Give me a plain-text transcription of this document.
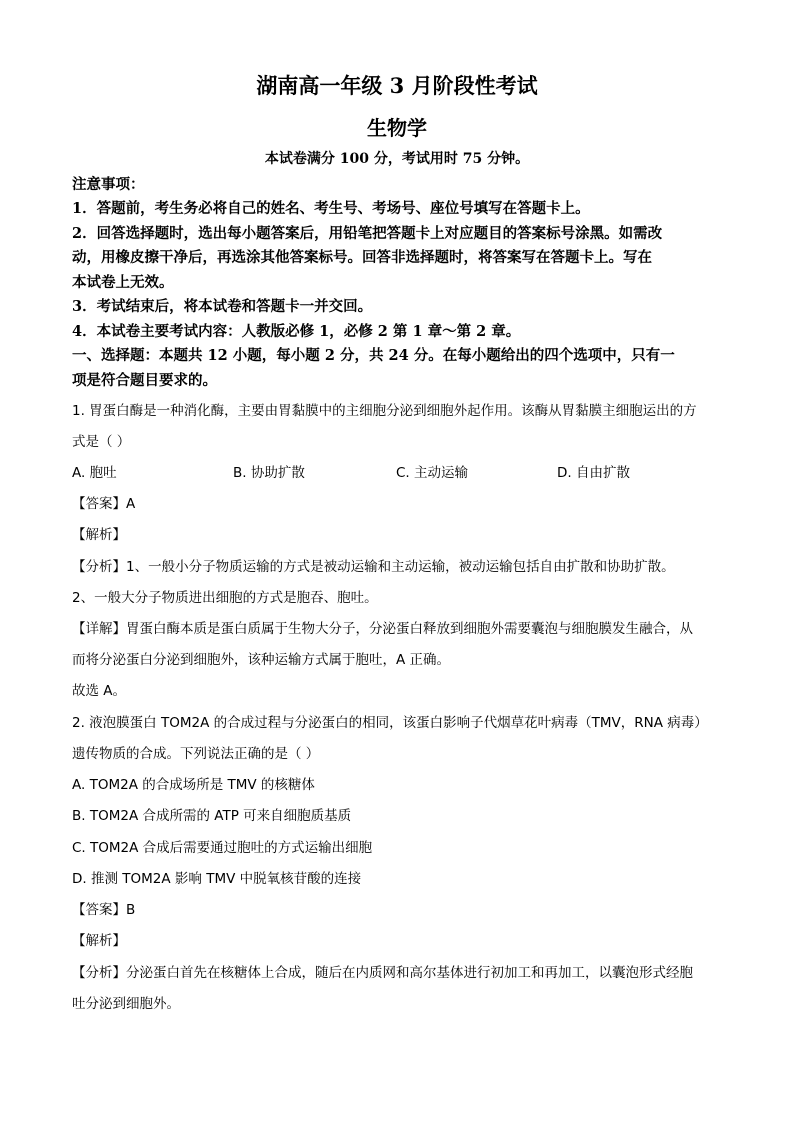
湖南高一年级 3 月阶段性考试
生物学
本试卷满分 100 分，考试用时 75 分钟。
注意事项：
1．答题前，考生务必将自己的姓名、考生号、考场号、座位号填写在答题卡上。
2．回答选择题时，选出每小题答案后，用铅笔把答题卡上对应题目的答案标号涂黑。如需改
动，用橡皮擦干净后，再选涂其他答案标号。回答非选择题时，将答案写在答题卡上。写在
本试卷上无效。
3．考试结束后，将本试卷和答题卡一并交回。
4．本试卷主要考试内容：人教版必修 1，必修 2 第 1 章～第 2 章。
一、选择题：本题共 12 小题，每小题 2 分，共 24 分。在每小题给出的四个选项中，只有一
项是符合题目要求的。
1. 胃蛋白酶是一种消化酶，主要由胃黏膜中的主细胞分泌到细胞外起作用。该酶从胃黏膜主细胞运出的方
式是（ ）
A. 胞吐	B. 协助扩散	C. 主动运输	D. 自由扩散
【答案】A
【解析】
【分析】1、一般小分子物质运输的方式是被动运输和主动运输，被动运输包括自由扩散和协助扩散。
2、一般大分子物质进出细胞的方式是胞吞、胞吐。
【详解】胃蛋白酶本质是蛋白质属于生物大分子，分泌蛋白释放到细胞外需要囊泡与细胞膜发生融合，从
而将分泌蛋白分泌到细胞外，该种运输方式属于胞吐，A 正确。
故选 A。
2. 液泡膜蛋白 TOM2A 的合成过程与分泌蛋白的相同，该蛋白影响子代烟草花叶病毒（TMV，RNA 病毒）
遗传物质的合成。下列说法正确的是（ ）
A. TOM2A 的合成场所是 TMV 的核糖体
B. TOM2A 合成所需的 ATP 可来自细胞质基质
C. TOM2A 合成后需要通过胞吐的方式运输出细胞
D. 推测 TOM2A 影响 TMV 中脱氧核苷酸的连接
【答案】B
【解析】
【分析】分泌蛋白首先在核糖体上合成，随后在内质网和高尔基体进行初加工和再加工，以囊泡形式经胞
吐分泌到细胞外。
